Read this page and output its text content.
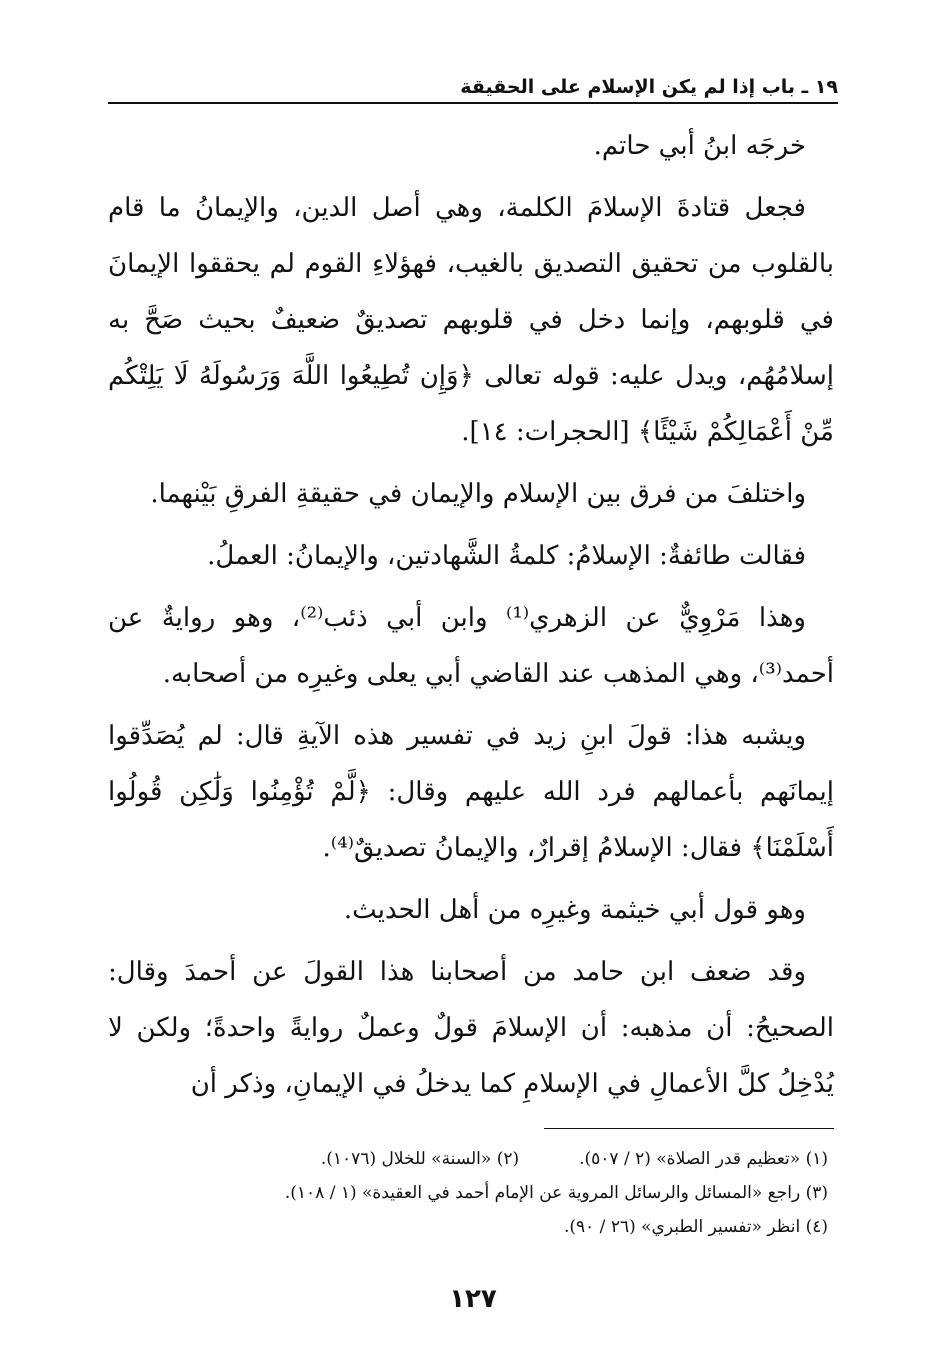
١٩ ـ باب إذا لم يكن الإسلام على الحقيقة

خرجَه ابنُ أبي حاتم.

فجعل قتادةَ الإسلامَ الكلمة، وهي أصل الدين، والإيمانُ ما قام بالقلوب من تحقيق التصديق بالغيب، فهؤلاءِ القوم لم يحققوا الإيمانَ في قلوبهم، وإنما دخل في قلوبهم تصديقٌ ضعيفٌ بحيث صَحَّ به إسلامُهُم، ويدل عليه: قوله تعالى ﴿وَإِن تُطِيعُوا اللَّهَ وَرَسُولَهُ لَا يَلِتْكُم مِّنْ أَعْمَالِكُمْ شَيْئًا﴾ [الحجرات: ١٤].

واختلفَ من فرق بين الإسلام والإيمان في حقيقةِ الفرقِ بَيْنهما.

فقالت طائفةٌ: الإسلامُ: كلمةُ الشَّهادتين، والإيمانُ: العملُ.

وهذا مَرْوِيٌّ عن الزهري⁽¹⁾ وابن أبي ذئب⁽²⁾، وهو روايةٌ عن أحمد⁽³⁾، وهي المذهب عند القاضي أبي يعلى وغيرِه من أصحابه.

ويشبه هذا: قولَ ابنِ زيد في تفسير هذه الآيةِ قال: لم يُصَدِّقوا إيمانَهم بأعمالهم فرد الله عليهم وقال: ﴿لَّمْ تُؤْمِنُوا وَلَٰكِن قُولُوا أَسْلَمْنَا﴾ فقال: الإسلامُ إقرارٌ، والإيمانُ تصديقٌ⁽⁴⁾.

وهو قول أبي خيثمة وغيرِه من أهل الحديث.

وقد ضعف ابن حامد من أصحابنا هذا القولَ عن أحمدَ وقال: الصحيحُ: أن مذهبه: أن الإسلامَ قولٌ وعملٌ روايةً واحدةً؛ ولكن لا يُدْخِلُ كلَّ الأعمالِ في الإسلامِ كما يدخلُ في الإيمانِ، وذكر أن

(١) «تعظيم قدر الصلاة» (٢ / ٥٠٧).
(٢) «السنة» للخلال (١٠٧٦).
(٣) راجع «المسائل والرسائل المروية عن الإمام أحمد في العقيدة» (١ / ١٠٨).
(٤) انظر «تفسير الطبري» (٢٦ / ٩٠).
١٢٧
